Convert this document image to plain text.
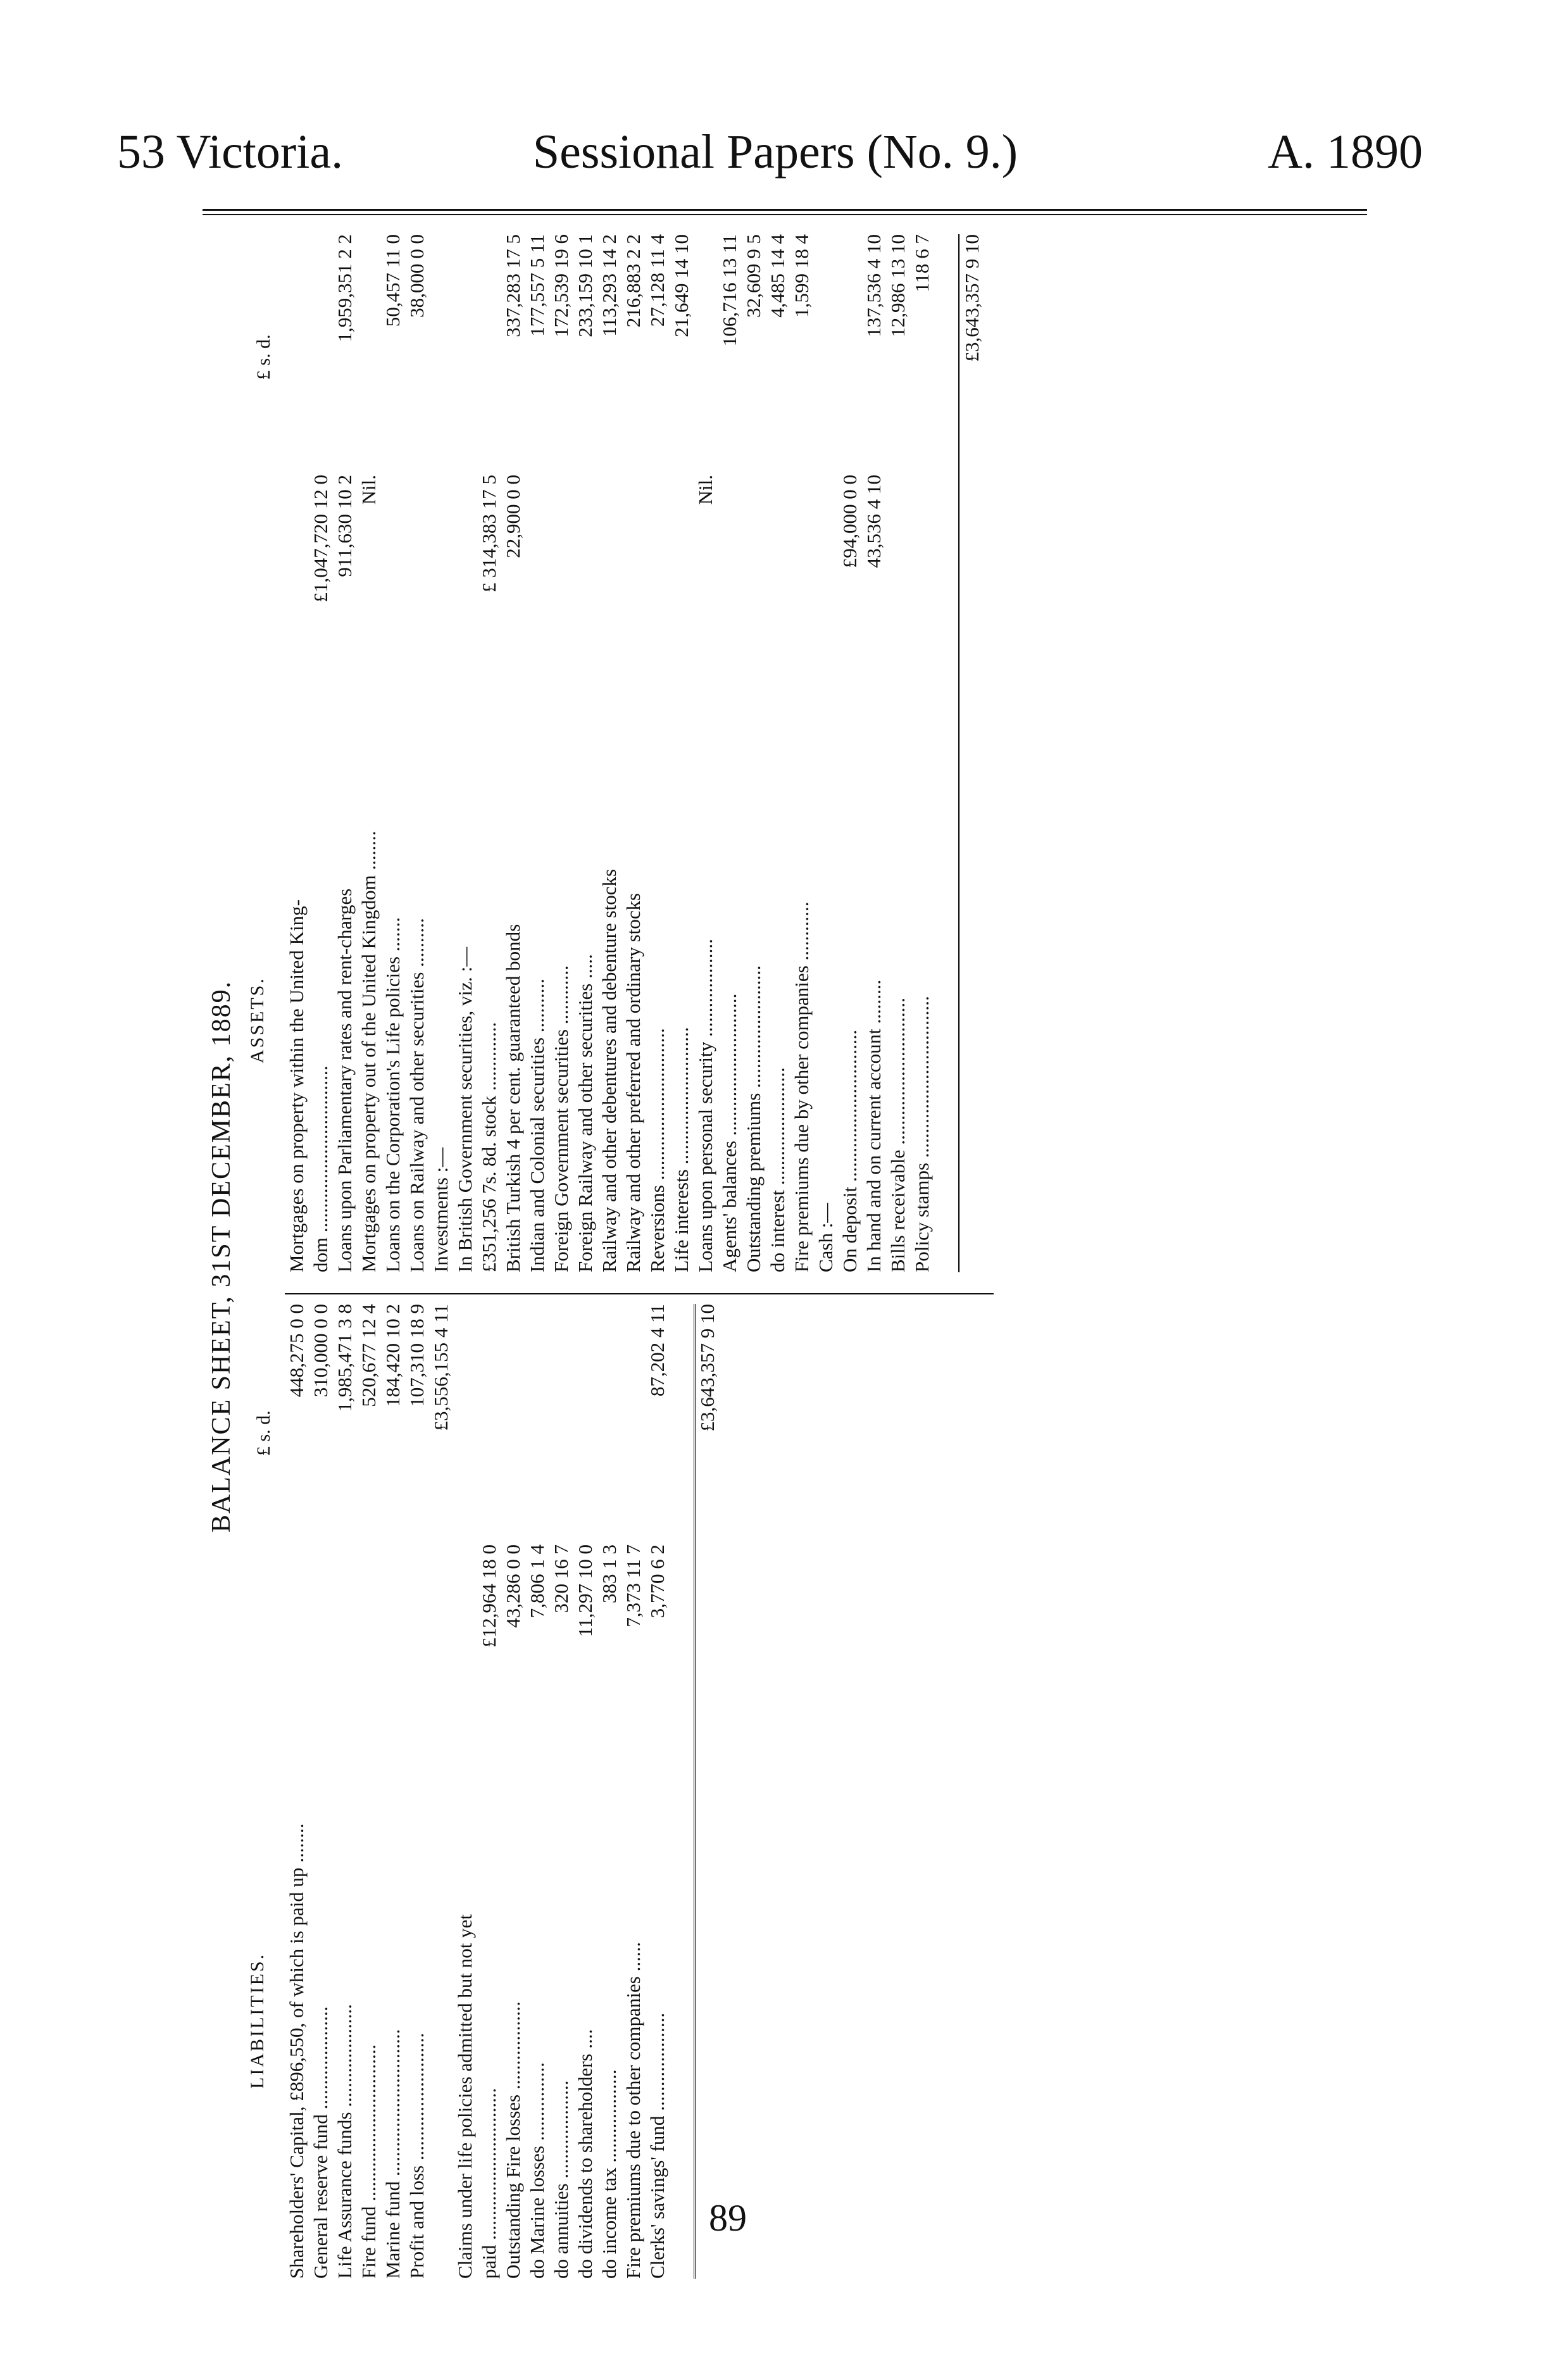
53 Victoria.	Sessional Papers (No. 9.)	A. 1890
BALANCE SHEET, 31ST DECEMBER, 1889.
LIABILITIES.
ASSETS.
£ s. d.
£ s. d.
Shareholders' Capital, £896,550, of which is paid up ........
448,275 0 0
General reserve fund .....................
310,000 0 0
Life Assurance funds .....................
1,985,471 3 8
Fire fund ................................
520,677 12 4
Marine fund ..............................
184,420 10 2
Profit and loss ..........................
107,310 18 9 £3,556,155 4 11
Claims under life policies admitted but not yet paid ...............................
£12,964 18 0
Outstanding Fire losses ..................
43,286 0 0
do Marine losses ................
7,806 1 4
do annuities ....................
320 16 7
do dividends to shareholders ....
11,297 10 0
do income tax ...................
383 1 3
Fire premiums due to other companies ......
7,373 11 7
Clerks' savings' fund ....................
3,770 6 2
87,202 4 11 £3,643,357 9 10
Mortgages on property within the United King- dom ..................................
£1,047,720 12 0
Loans upon Parliamentary rates and rent-charges
911,630 10 2
1,959,351 2 2
Mortgages on property out of the United Kingdom ........
Nil.
Loans on the Corporation's Life policies .......
50,457 11 0
Loans on Railway and other securities ..........
38,000 0 0
Investments :— In British Government securities, viz. :— £351,256 7s. 8d. stock ..............
£ 314,383 17 5
British Turkish 4 per cent. guaranteed bonds
22,900 0 0
337,283 17 5
Indian and Colonial securities ...........
177,557 5 11
Foreign Government securities ............
172,539 19 6
Foreign Railway and other securities .....
233,159 10 1
Railway and other debentures and debenture stocks
113,293 14 2
Railway and other preferred and ordinary stocks
216,883 2 2
Reversions ...............................
27,128 11 4
Life interests ............................
21,649 14 10
Loans upon personal security ....................
Nil.
Agents' balances .............................
106,716 13 11
Outstanding premiums .........................
32,609 9 5
do interest ........................
4,485 14 4
Fire premiums due by other companies ............
1,599 18 4
Cash :— On deposit ...............................
£94,000 0 0
In hand and on current account .........
43,536 4 10
137,536 4 10
Bills receivable ..............................
12,986 13 10
Policy stamps .................................
118 6 7 £3,643,357 9 10
89
